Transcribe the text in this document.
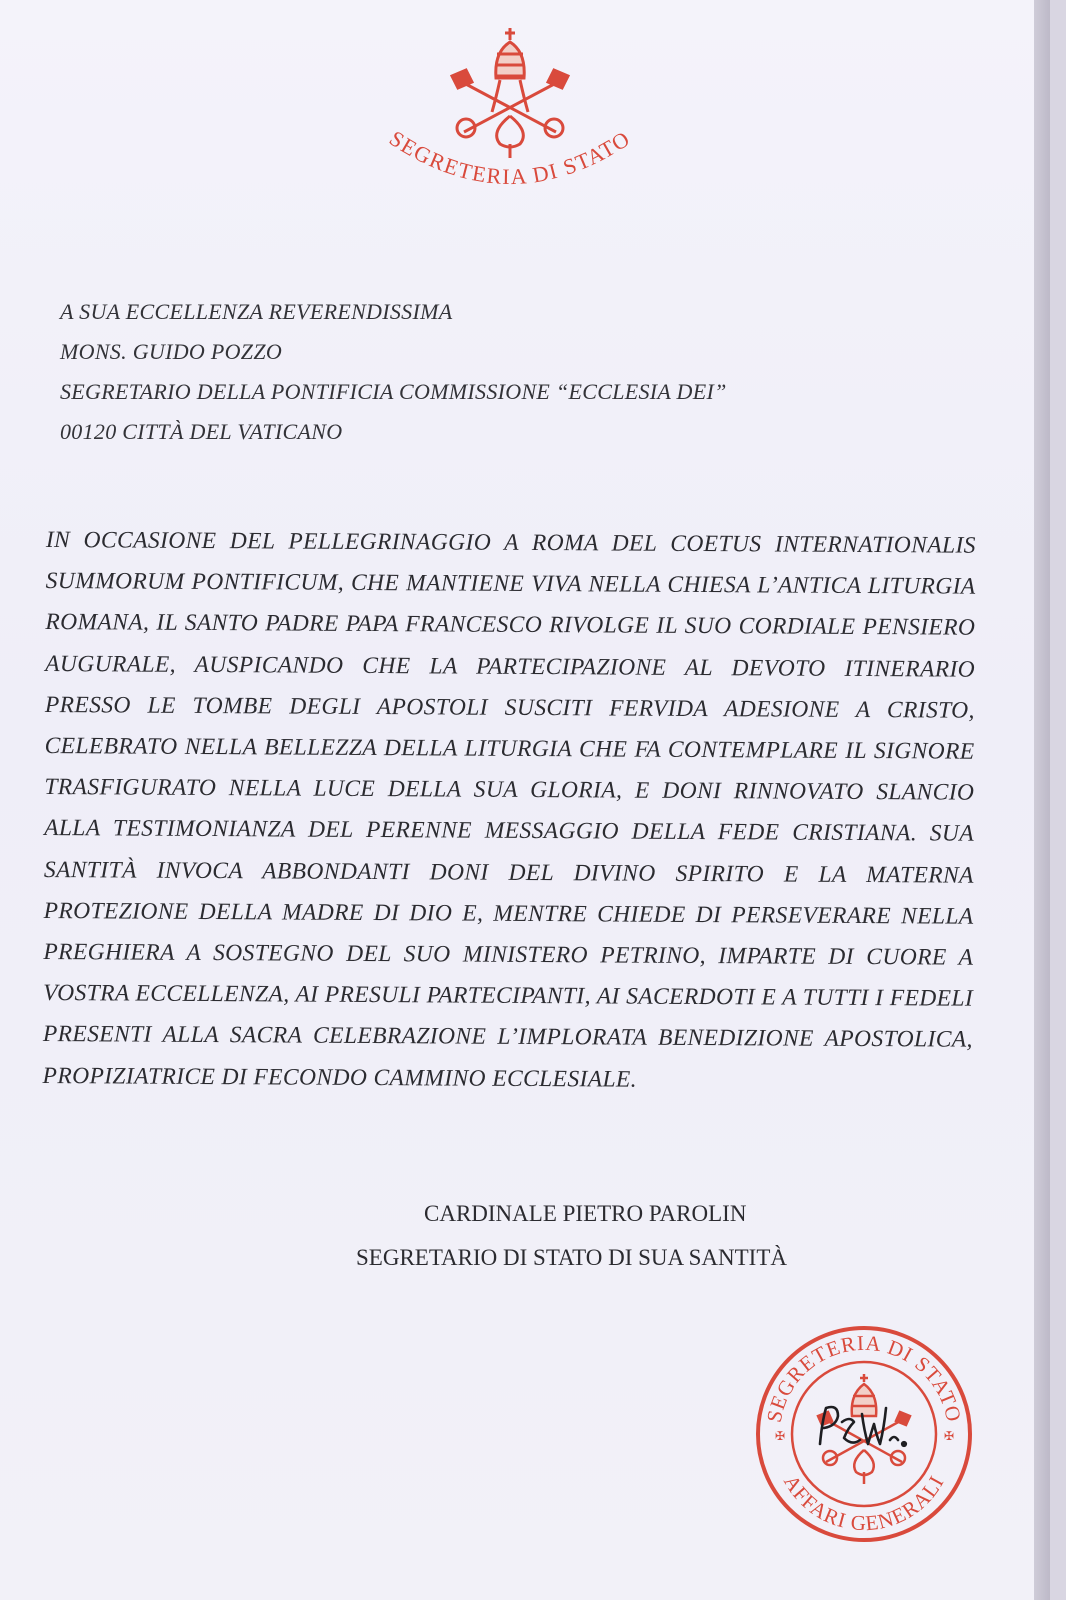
SEGRETERIA DI STATO
A SUA ECCELLENZA REVERENDISSIMA
MONS. GUIDO POZZO
SEGRETARIO DELLA PONTIFICIA COMMISSIONE “ECCLESIA DEI”
00120 CITTÀ DEL VATICANO
IN OCCASIONE DEL PELLEGRINAGGIO A ROMA DEL COETUS INTERNATIONALIS SUMMORUM PONTIFICUM, CHE MANTIENE VIVA NELLA CHIESA L’ANTICA LITURGIA ROMANA, IL SANTO PADRE PAPA FRANCESCO RIVOLGE IL SUO CORDIALE PENSIERO AUGURALE, AUSPICANDO CHE LA PARTECIPAZIONE AL DEVOTO ITINERARIO PRESSO LE TOMBE DEGLI APOSTOLI SUSCITI FERVIDA ADESIONE A CRISTO, CELEBRATO NELLA BELLEZZA DELLA LITURGIA CHE FA CONTEMPLARE IL SIGNORE TRASFIGURATO NELLA LUCE DELLA SUA GLORIA, E DONI RINNOVATO SLANCIO ALLA TESTIMONIANZA DEL PERENNE MESSAGGIO DELLA FEDE CRISTIANA. SUA SANTITÀ INVOCA ABBONDANTI DONI DEL DIVINO SPIRITO E LA MATERNA PROTEZIONE DELLA MADRE DI DIO E, MENTRE CHIEDE DI PERSEVERARE NELLA PREGHIERA A SOSTEGNO DEL SUO MINISTERO PETRINO, IMPARTE DI CUORE A VOSTRA ECCELLENZA, AI PRESULI PARTECIPANTI, AI SACERDOTI E A TUTTI I FEDELI PRESENTI ALLA SACRA CELEBRAZIONE L’IMPLORATA BENEDIZIONE APOSTOLICA, PROPIZIATRICE DI FECONDO CAMMINO ECCLESIALE.
CARDINALE PIETRO PAROLIN
SEGRETARIO DI STATO DI SUA SANTITÀ
SEGRETERIA DI STATO
AFFARI GENERALI
✠	✠
